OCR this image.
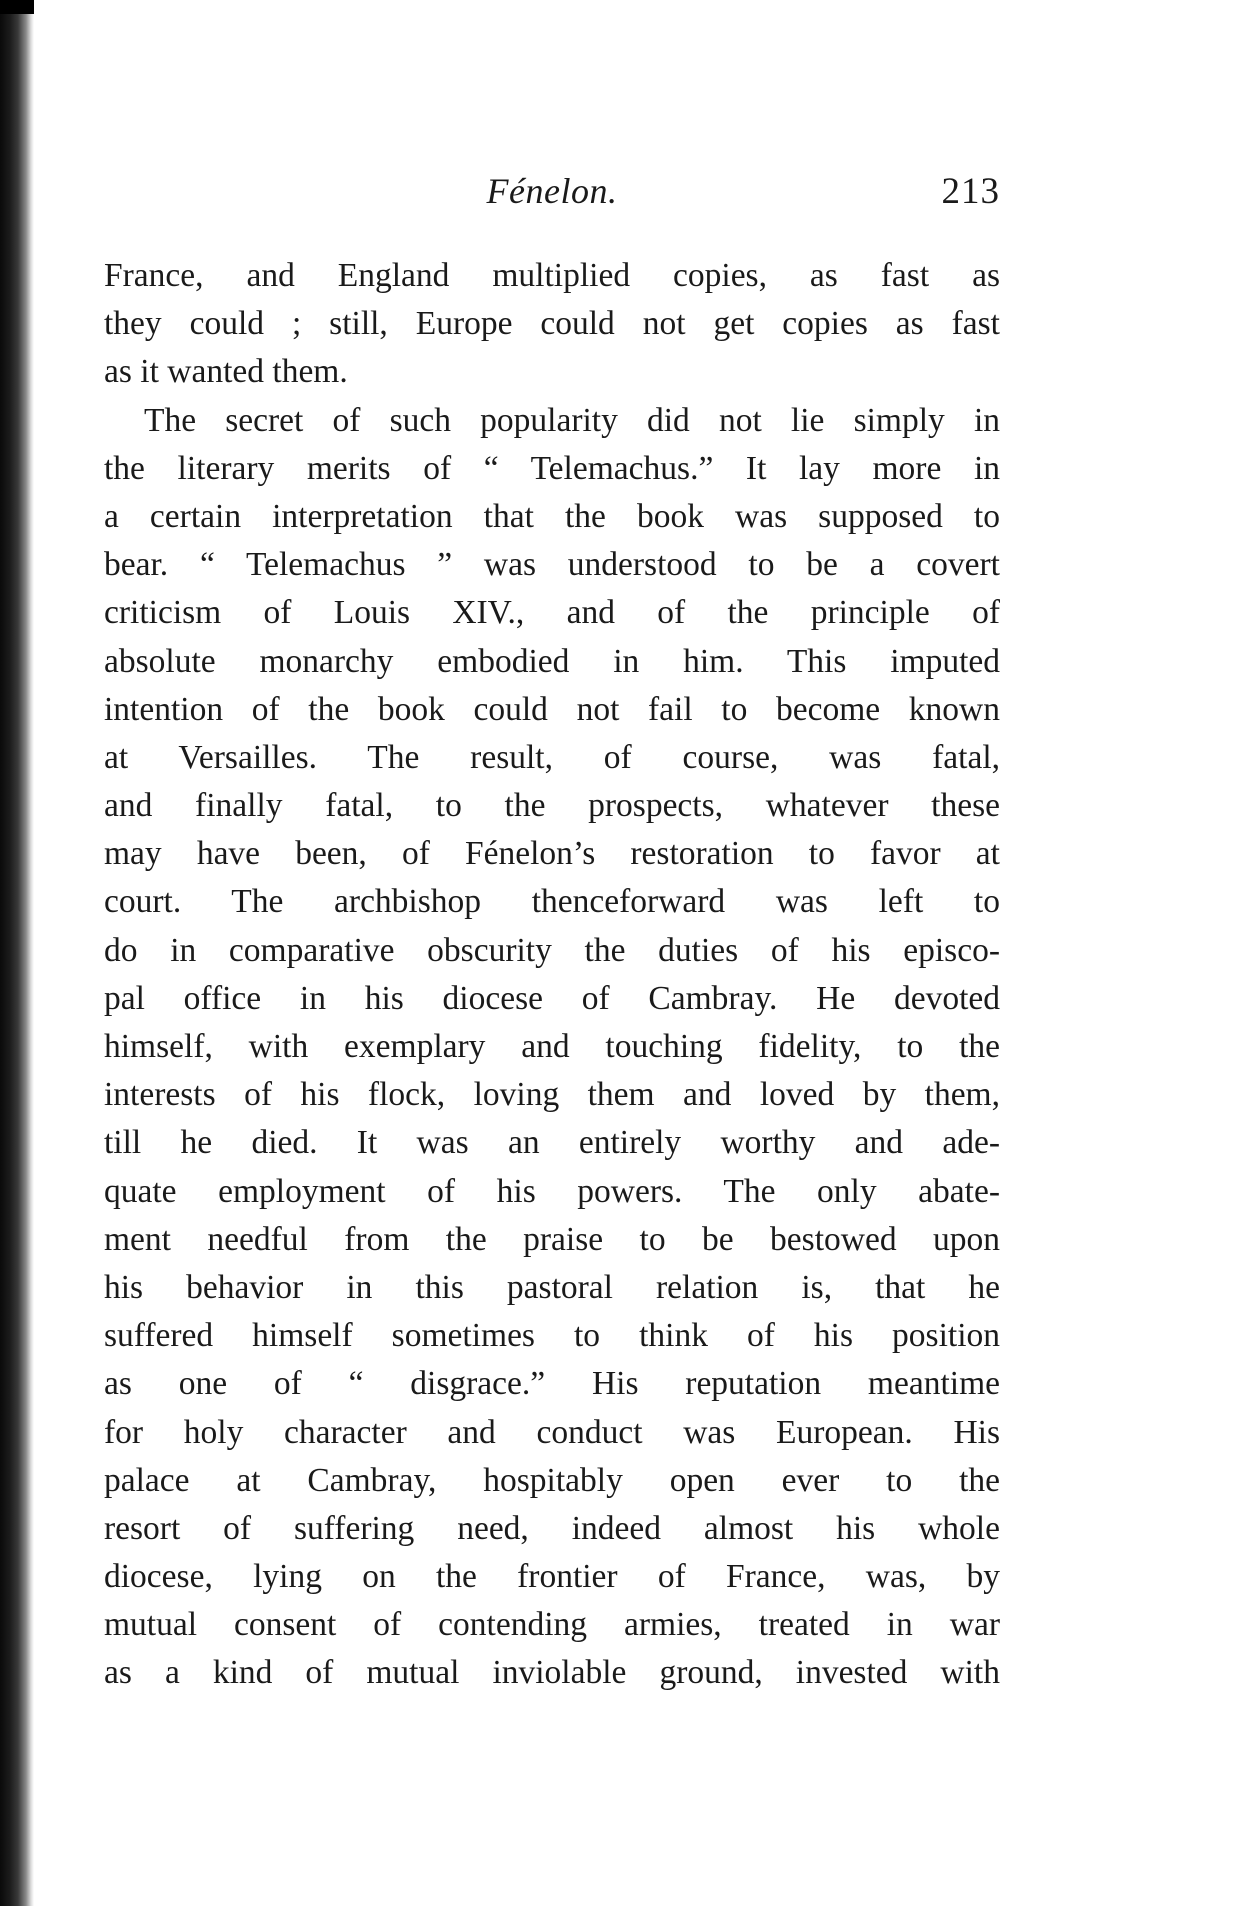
Fénelon.	213
France, and England multiplied copies, as fast as
they could ; still, Europe could not get copies as fast
as it wanted them.
The secret of such popularity did not lie simply in
the literary merits of “ Telemachus.” It lay more in
a certain interpretation that the book was supposed to
bear. “ Telemachus ” was understood to be a covert
criticism of Louis XIV., and of the principle of
absolute monarchy embodied in him. This imputed
intention of the book could not fail to become known
at Versailles. The result, of course, was fatal,
and finally fatal, to the prospects, whatever these
may have been, of Fénelon’s restoration to favor at
court. The archbishop thenceforward was left to
do in comparative obscurity the duties of his episco-
pal office in his diocese of Cambray. He devoted
himself, with exemplary and touching fidelity, to the
interests of his flock, loving them and loved by them,
till he died. It was an entirely worthy and ade-
quate employment of his powers. The only abate-
ment needful from the praise to be bestowed upon
his behavior in this pastoral relation is, that he
suffered himself sometimes to think of his position
as one of “ disgrace.” His reputation meantime
for holy character and conduct was European. His
palace at Cambray, hospitably open ever to the
resort of suffering need, indeed almost his whole
diocese, lying on the frontier of France, was, by
mutual consent of contending armies, treated in war
as a kind of mutual inviolable ground, invested with
